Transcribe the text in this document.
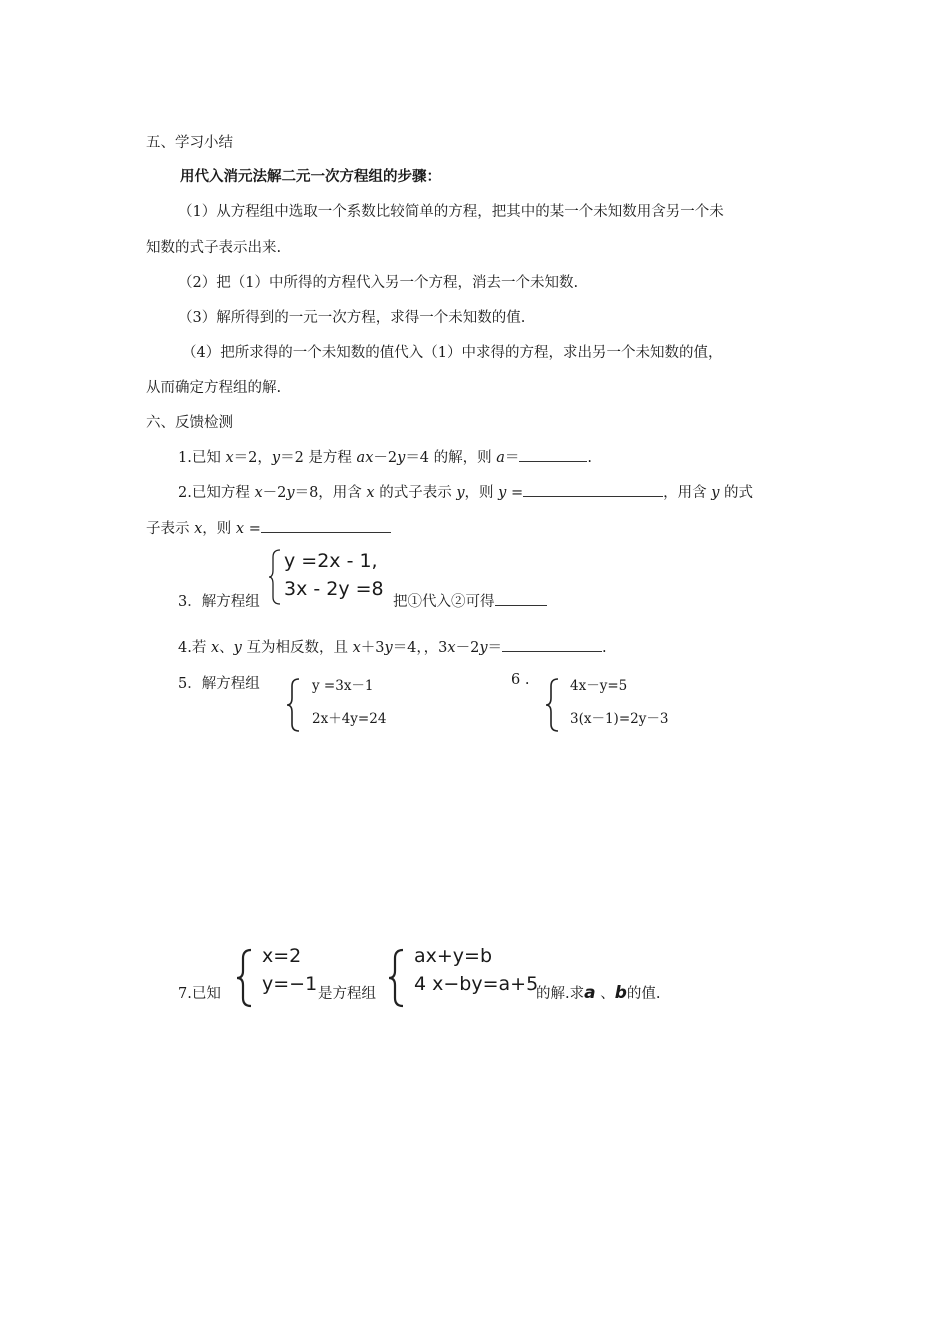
五、学习小结
用代入消元法解二元一次方程组的步骤：
（1）从方程组中选取一个系数比较简单的方程，把其中的某一个未知数用含另一个未
知数的式子表示出来.
（2）把（1）中所得的方程代入另一个方程，消去一个未知数.
（3）解所得到的一元一次方程，求得一个未知数的值.
（4）把所求得的一个未知数的值代入（1）中求得的方程，求出另一个未知数的值，
从而确定方程组的解.
六、反馈检测
1.已知 x＝2，y＝2 是方程 ax－2y＝4 的解，则 a＝	.
2.已知方程 x－2y＝8，用含 x 的式子表示 y，则 y =	，用含 y 的式
子表示 x，则 x =
3．解方程组
y =2x - 1,
3x - 2y =8
把①代入②可得
4.若 x、y 互为相反数，且 x＋3y＝4，，3x－2y＝	.
5．解方程组	y =3x－1
2x＋4y=24
6 .	4x－y=5
3(x－1)=2y－3
7.已知
x=2
y=−1 是方程组
ax+y=b
4 x−by=a+5
的解.求a 、b的值.
